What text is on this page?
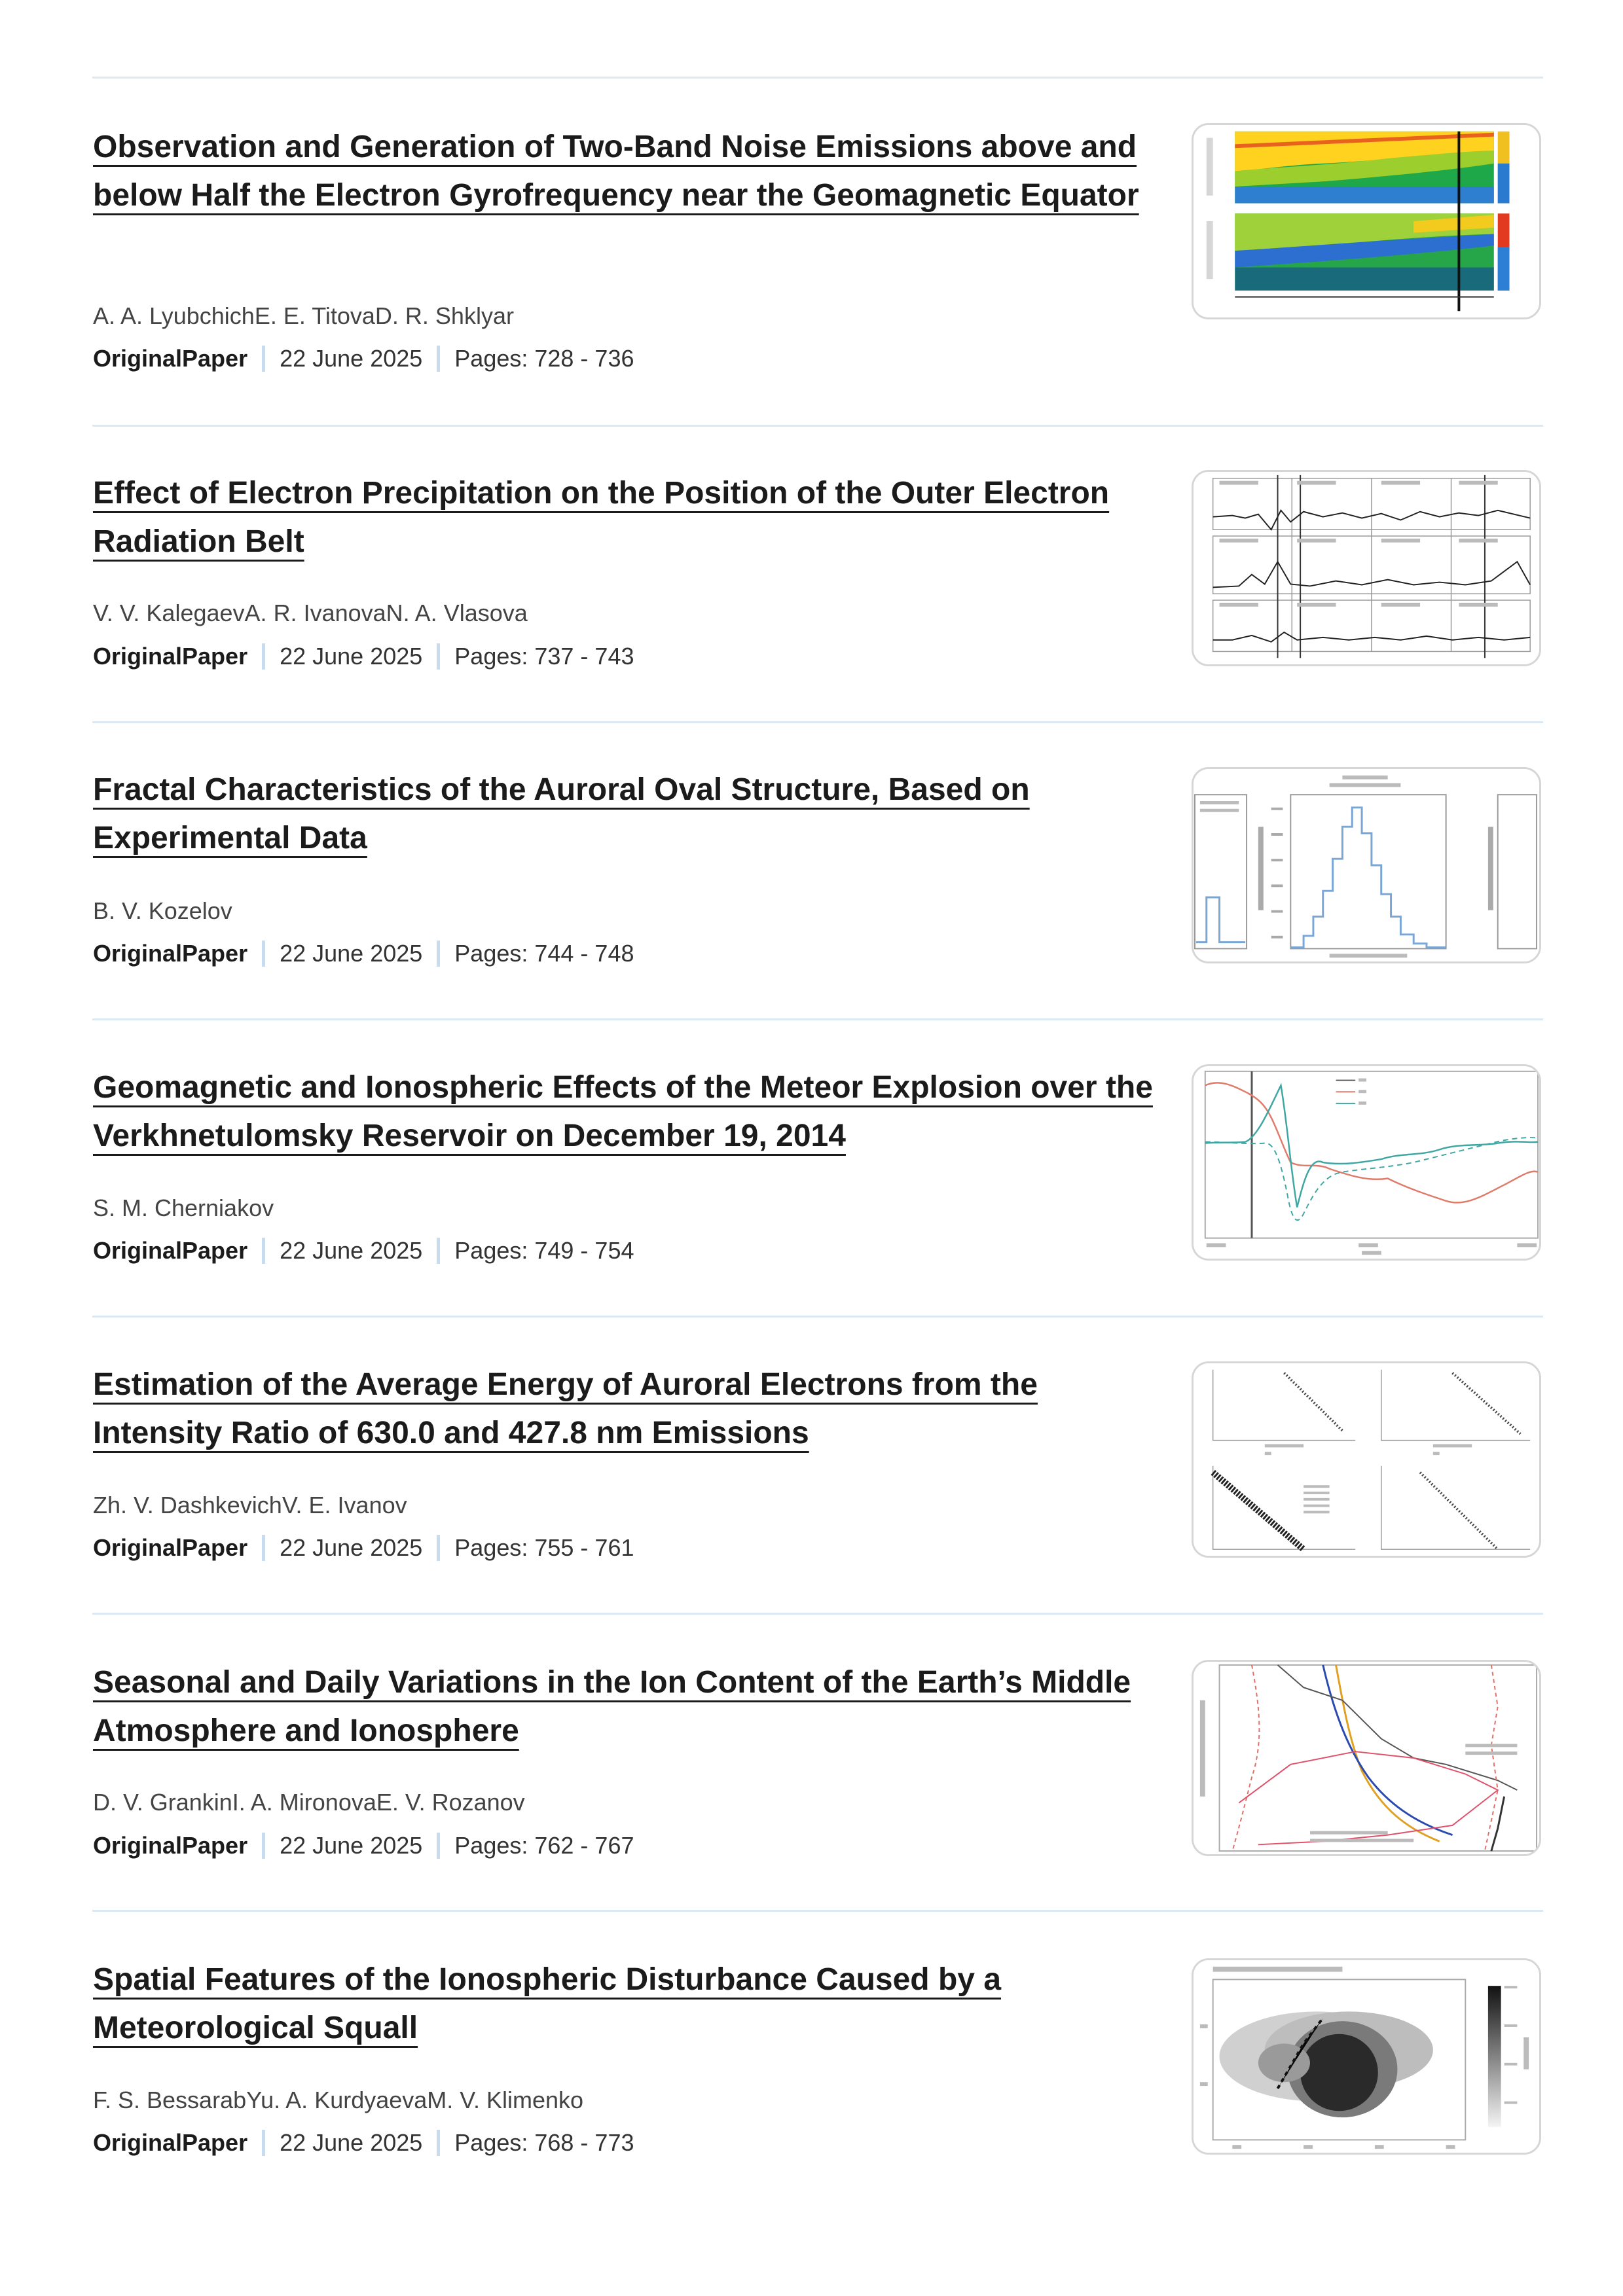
Observation and Generation of Two-Band Noise Emissions above and below Half the Electron Gyrofrequency near the Geomagnetic Equator
A. A. LyubchichE. E. TitovaD. R. Shklyar
OriginalPaper 22 June 2025 Pages: 728 - 736
Effect of Electron Precipitation on the Position of the Outer Electron Radiation Belt
V. V. KalegaevA. R. IvanovaN. A. Vlasova
OriginalPaper 22 June 2025 Pages: 737 - 743
Fractal Characteristics of the Auroral Oval Structure, Based on Experimental Data
B. V. Kozelov
OriginalPaper 22 June 2025 Pages: 744 - 748
Geomagnetic and Ionospheric Effects of the Meteor Explosion over the Verkhnetulomsky Reservoir on December 19, 2014
S. M. Cherniakov
OriginalPaper 22 June 2025 Pages: 749 - 754
Estimation of the Average Energy of Auroral Electrons from the Intensity Ratio of 630.0 and 427.8 nm Emissions
Zh. V. DashkevichV. E. Ivanov
OriginalPaper 22 June 2025 Pages: 755 - 761
Seasonal and Daily Variations in the Ion Content of the Earth’s Middle Atmosphere and Ionosphere
D. V. GrankinI. A. MironovaE. V. Rozanov
OriginalPaper 22 June 2025 Pages: 762 - 767
Spatial Features of the Ionospheric Disturbance Caused by a Meteorological Squall
F. S. BessarabYu. A. KurdyaevaM. V. Klimenko
OriginalPaper 22 June 2025 Pages: 768 - 773
